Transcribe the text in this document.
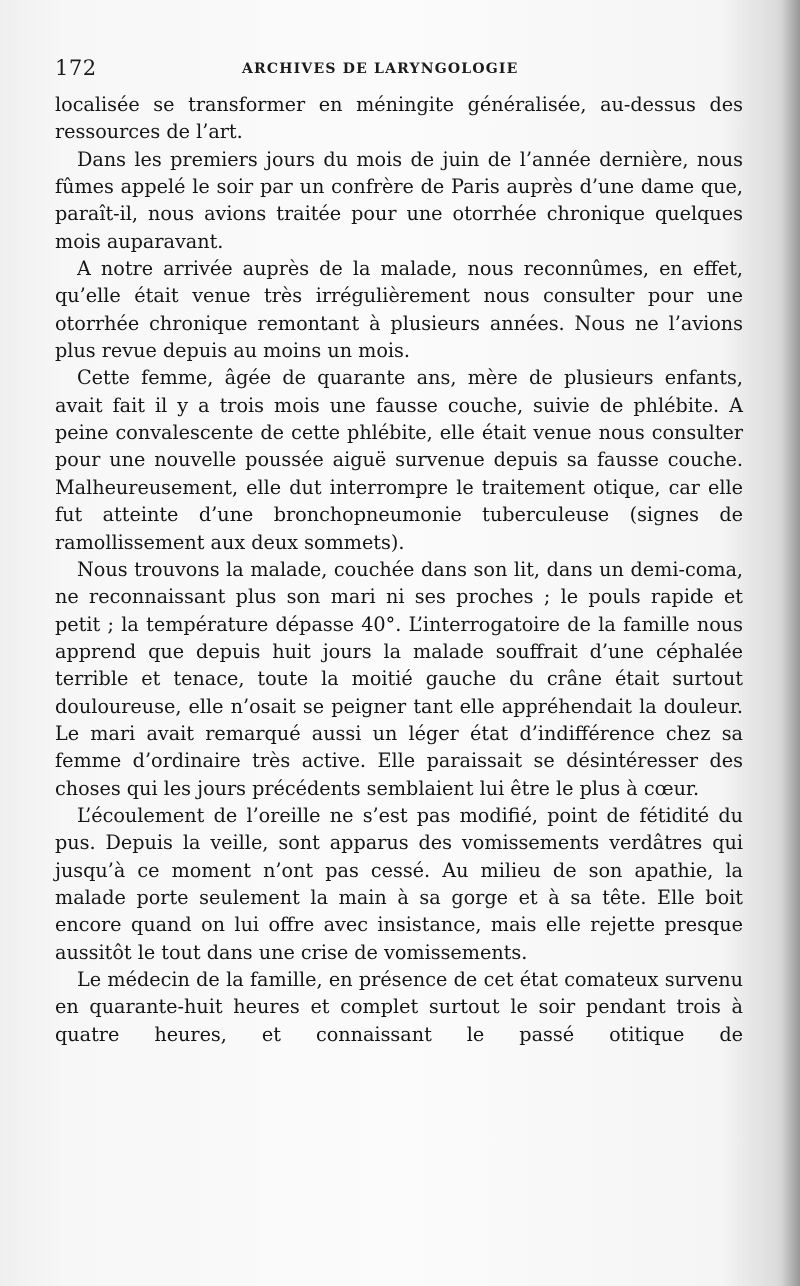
172	ARCHIVES DE LARYNGOLOGIE

localisée se transformer en méningite généralisée, au-dessus des ressources de l’art.

Dans les premiers jours du mois de juin de l’année dernière, nous fûmes appelé le soir par un confrère de Paris auprès d’une dame que, paraît-il, nous avions traitée pour une otorrhée chronique quelques mois auparavant.

A notre arrivée auprès de la malade, nous reconnûmes, en effet, qu’elle était venue très irrégulièrement nous consulter pour une otorrhée chronique remontant à plusieurs années. Nous ne l’avions plus revue depuis au moins un mois.

Cette femme, âgée de quarante ans, mère de plusieurs enfants, avait fait il y a trois mois une fausse couche, suivie de phlébite. A peine convalescente de cette phlébite, elle était venue nous consulter pour une nouvelle poussée aiguë survenue depuis sa fausse couche. Malheureusement, elle dut interrompre le traitement otique, car elle fut atteinte d’une bronchopneumonie tuberculeuse (signes de ramollissement aux deux sommets).

Nous trouvons la malade, couchée dans son lit, dans un demi-coma, ne reconnaissant plus son mari ni ses proches ; le pouls rapide et petit ; la température dépasse 40°. L’interrogatoire de la famille nous apprend que depuis huit jours la malade souffrait d’une céphalée terrible et tenace, toute la moitié gauche du crâne était surtout douloureuse, elle n’osait se peigner tant elle appréhendait la douleur. Le mari avait remarqué aussi un léger état d’indifférence chez sa femme d’ordinaire très active. Elle paraissait se désintéresser des choses qui les jours précédents semblaient lui être le plus à cœur.

L’écoulement de l’oreille ne s’est pas modifié, point de fétidité du pus. Depuis la veille, sont apparus des vomissements verdâtres qui jusqu’à ce moment n’ont pas cessé. Au milieu de son apathie, la malade porte seulement la main à sa gorge et à sa tête. Elle boit encore quand on lui offre avec insistance, mais elle rejette presque aussitôt le tout dans une crise de vomissements.

Le médecin de la famille, en présence de cet état comateux survenu en quarante-huit heures et complet surtout le soir pendant trois à quatre heures, et connaissant le passé otitique de
